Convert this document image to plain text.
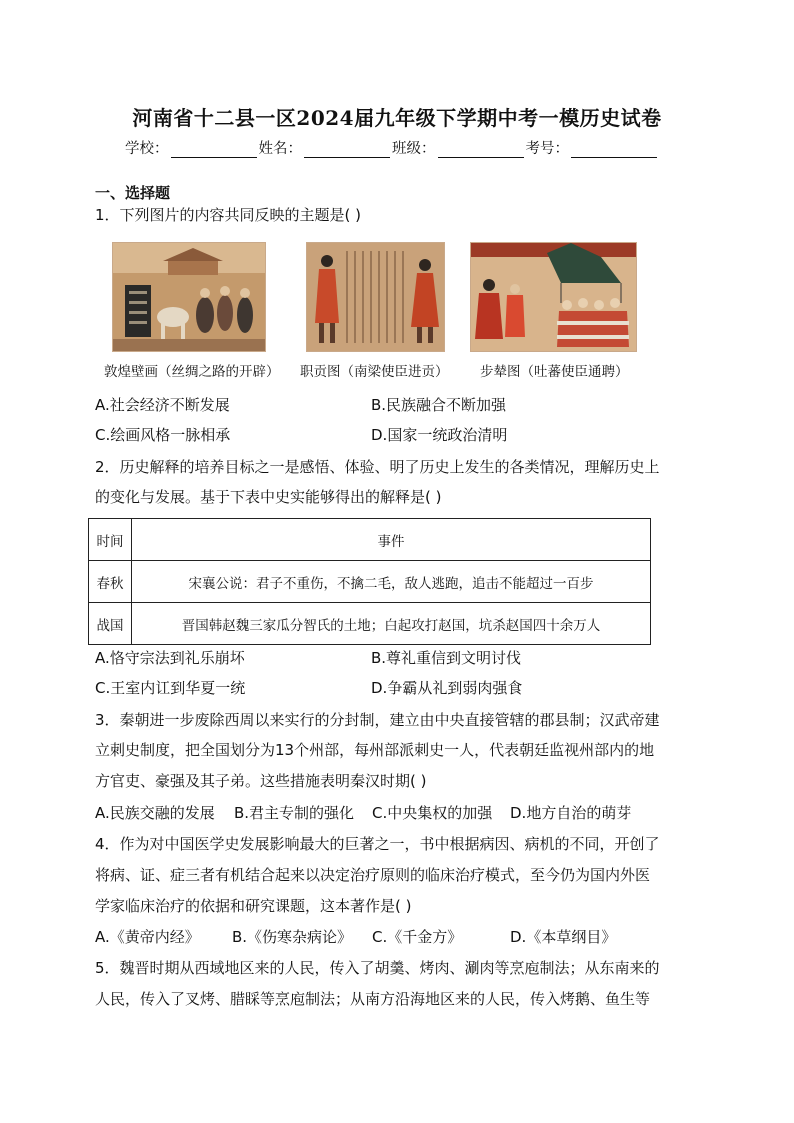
河南省十二县一区2024届九年级下学期中考一模历史试卷
学校：	姓名：	班级：	考号：
一、选择题
1．下列图片的内容共同反映的主题是( )
敦煌壁画（丝绸之路的开辟） 职贡图（南梁使臣进贡） 步辇图（吐蕃使臣通聘）
A.社会经济不断发展	B.民族融合不断加强
C.绘画风格一脉相承	D.国家一统政治清明
2．历史解释的培养目标之一是感悟、体验、明了历史上发生的各类情况，理解历史上
的变化与发展。基于下表中史实能够得出的解释是( )
时间	事件
春秋	宋襄公说：君子不重伤，不擒二毛，敌人逃跑，追击不能超过一百步
战国	晋国韩赵魏三家瓜分智氏的土地；白起攻打赵国，坑杀赵国四十余万人
A.恪守宗法到礼乐崩坏	B.尊礼重信到文明讨伐
C.王室内讧到华夏一统	D.争霸从礼到弱肉强食
3．秦朝进一步废除西周以来实行的分封制，建立由中央直接管辖的郡县制；汉武帝建
立刺史制度，把全国划分为13个州部，每州部派刺史一人，代表朝廷监视州部内的地
方官吏、豪强及其子弟。这些措施表明秦汉时期( )
A.民族交融的发展 B.君主专制的强化 C.中央集权的加强 D.地方自治的萌芽
4．作为对中国医学史发展影响最大的巨著之一，书中根据病因、病机的不同，开创了
将病、证、症三者有机结合起来以决定治疗原则的临床治疗模式，至今仍为国内外医
学家临床治疗的依据和研究课题，这本著作是( )
A.《黄帝内经》 B.《伤寒杂病论》 C.《千金方》	D.《本草纲目》
5．魏晋时期从西域地区来的人民，传入了胡羹、烤肉、涮肉等烹庖制法；从东南来的
人民，传入了叉烤、腊睬等烹庖制法；从南方沿海地区来的人民，传入烤鹅、鱼生等
